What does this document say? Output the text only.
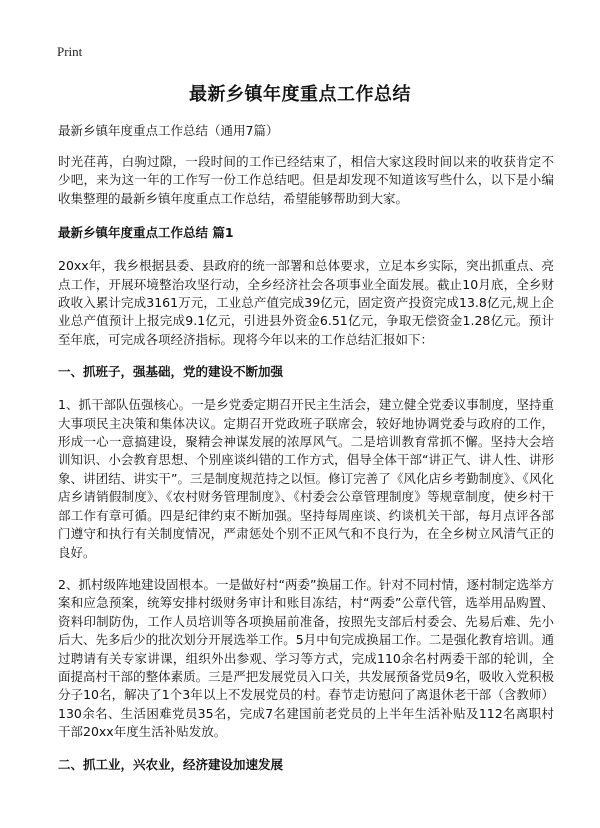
Print
最新乡镇年度重点工作总结

最新乡镇年度重点工作总结（通用7篇）

时光荏苒，白驹过隙，一段时间的工作已经结束了，相信大家这段时间以来的收获肯定不少吧，来为这一年的工作写一份工作总结吧。但是却发现不知道该写些什么，以下是小编收集整理的最新乡镇年度重点工作总结，希望能够帮助到大家。

最新乡镇年度重点工作总结 篇1

20xx年，我乡根据县委、县政府的统一部署和总体要求，立足本乡实际，突出抓重点、亮点工作，开展环境整治攻坚行动，全乡经济社会各项事业全面发展。截止10月底，全乡财政收入累计完成3161万元，工业总产值完成39亿元，固定资产投资完成13.8亿元,规上企业总产值预计上报完成9.1亿元，引进县外资金6.51亿元，争取无偿资金1.28亿元。预计至年底，可完成各项经济指标。现将今年以来的工作总结汇报如下：

一、抓班子，强基础，党的建设不断加强

1、抓干部队伍强核心。一是乡党委定期召开民主生活会，建立健全党委议事制度，坚持重大事项民主决策和集体决议。定期召开党政班子联席会，较好地协调党委与政府的工作，形成一心一意搞建设，聚精会神谋发展的浓厚风气。二是培训教育常抓不懈。坚持大会培训知识、小会教育思想、个别座谈纠错的工作方式，倡导全体干部“讲正气、讲人性、讲形象、讲团结、讲实干”。三是制度规范持之以恒。修订完善了《风化店乡考勤制度》、《风化店乡请销假制度》、《农村财务管理制度》、《村委会公章管理制度》等规章制度，使乡村干部工作有章可循。四是纪律约束不断加强。坚持每周座谈、约谈机关干部，每月点评各部门遵守和执行有关制度情况，严肃惩处个别不正风气和不良行为，在全乡树立风清气正的良好。

2、抓村级阵地建设固根本。一是做好村“两委”换届工作。针对不同村情，逐村制定选举方案和应急预案，统筹安排村级财务审计和账目冻结，村“两委”公章代管，选举用品购置、资料印制防伪，工作人员培训等各项换届前准备，按照先支部后村委会、先易后难、先小后大、先多后少的批次划分开展选举工作。5月中旬完成换届工作。二是强化教育培训。通过聘请有关专家讲课，组织外出参观、学习等方式，完成110余名村两委干部的轮训，全面提高村干部的整体素质。三是严把发展党员入口关，共发展预备党员9名，吸收入党积极分子10名，解决了1个3年以上不发展党员的村。春节走访慰问了离退休老干部（含教师）130余名、生活困难党员35名，完成7名建国前老党员的上半年生活补贴及112名离职村干部20xx年度生活补贴发放。

二、抓工业，兴农业，经济建设加速发展
